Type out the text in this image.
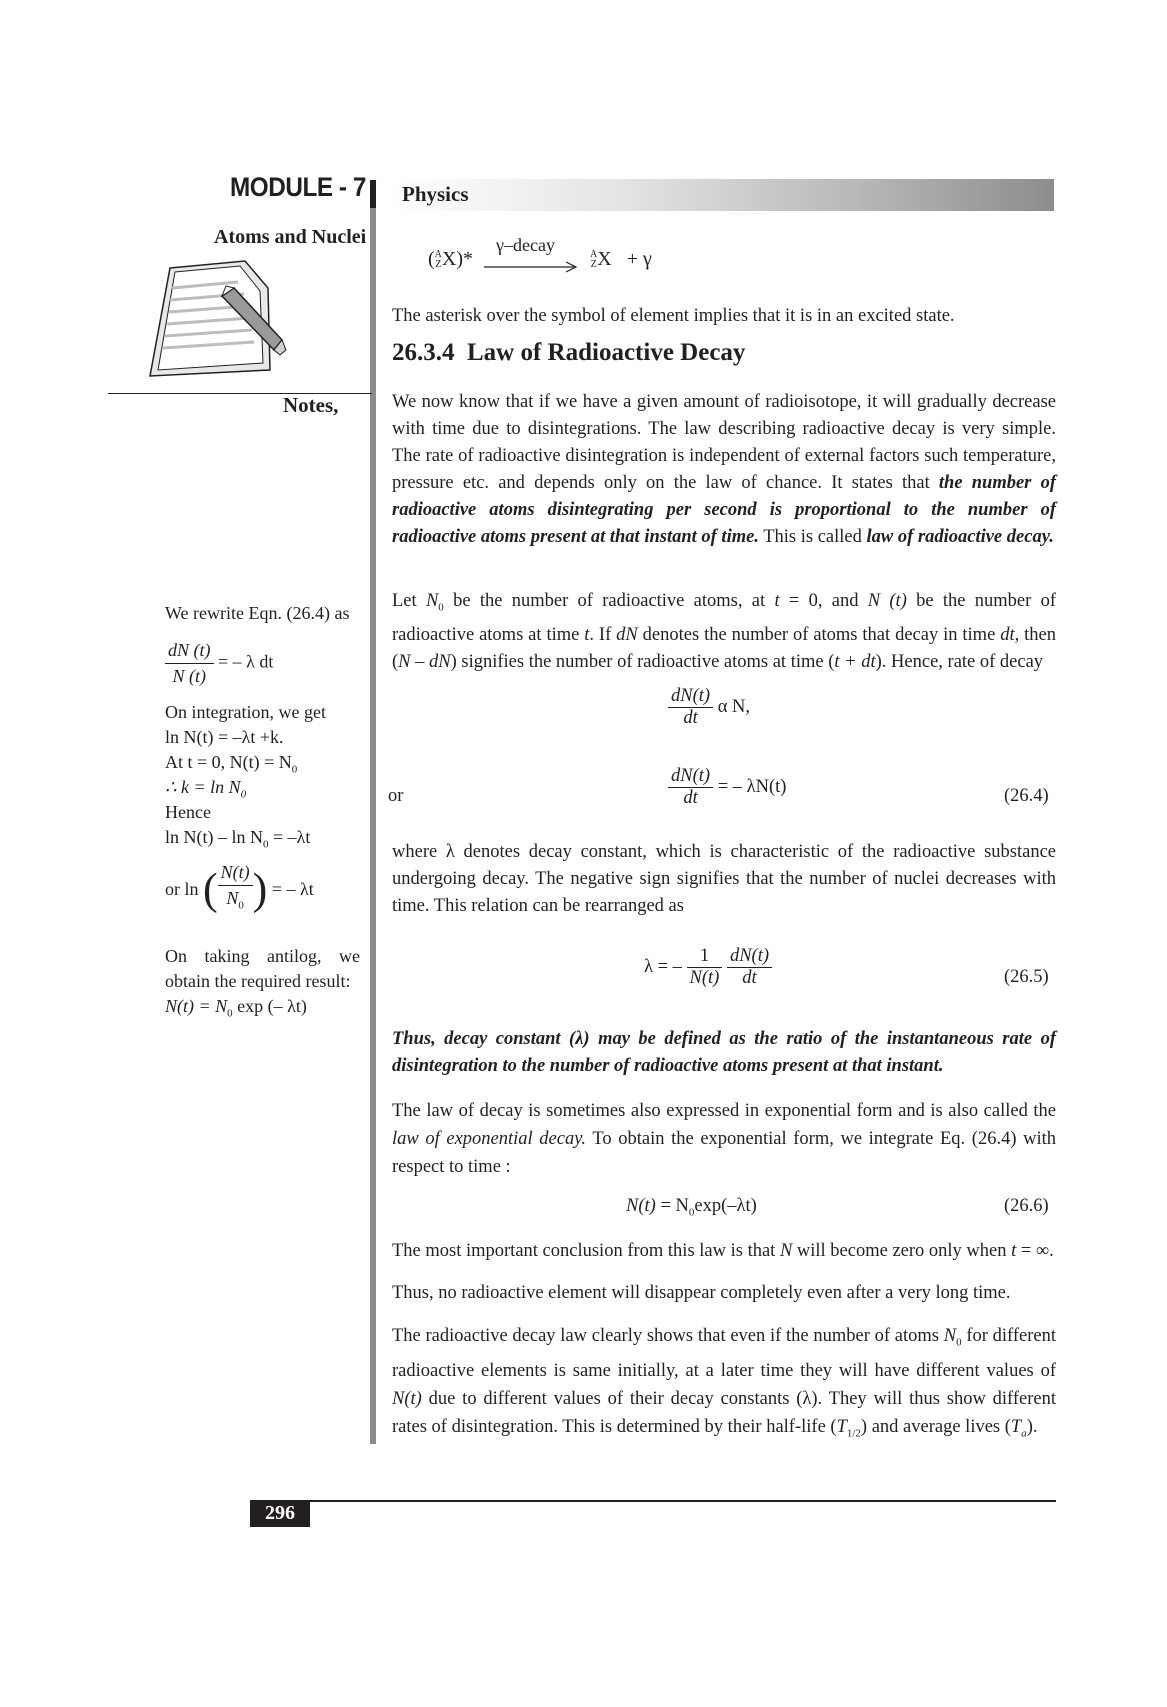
MODULE - 7 Physics
Atoms and Nuclei
Notes,
( A
Z X)*
γ–decay
	A
Z X + γ
The asterisk over the symbol of element implies that it is in an excited state.
26.3.4 Law of Radioactive Decay
We now know that if we have a given amount of radioisotope, it will gradually decrease with time due to disintegrations. The law describing radioactive decay is very simple. The rate of radioactive disintegration is independent of external factors such temperature, pressure etc. and depends only on the law of chance. It states that the number of radioactive atoms disintegrating per second is proportional to the number of radioactive atoms present at that instant of time. This is called law of radioactive decay.
Let $N_0$ be the number of radioactive atoms, at t = 0, and N (t) be the number of radioactive atoms at time t. If dN denotes the number of atoms that decay in time dt, then (N – dN) signifies the number of radioactive atoms at time (t + dt). Hence, rate of decay
$\frac{dN(t)}{dt}$ α N,
or	$\frac{dN(t)}{dt}$ = – λN(t)	(26.4)
where λ denotes decay constant, which is characteristic of the radioactive substance undergoing decay. The negative sign signifies that the number of nuclei decreases with time. This relation can be rearranged as
λ = – $\frac{1}{N(t)}$
$\frac{dN(t)}{dt}$	(26.5)
Thus, decay constant (λ) may be defined as the ratio of the instantaneous rate of disintegration to the number of radioactive atoms present at that instant.
The law of decay is sometimes also expressed in exponential form and is also called the law of exponential decay. To obtain the exponential form, we integrate Eq. (26.4) with respect to time :
$N(t) = N_0\exp(-\lambda t)$	(26.6)
The most important conclusion from this law is that N will become zero only when t = ∞.
Thus, no radioactive element will disappear completely even after a very long time.
The radioactive decay law clearly shows that even if the number of atoms $N_0$ for different radioactive elements is same initially, at a later time they will have different values of N(t) due to different values of their decay constants (λ). They will thus show different rates of disintegration. This is determined by their half-life $(T_{1/2})$ and average lives $(T_a)$.
We rewrite Eqn. (26.4) as
$\frac{dN (t)}{N (t)}$ = – λ dt
On integration, we get
ln N(t) = –λt +k.
At t = 0, $N(t) = N_0$
∴ $k = \ln N_0$
Hence
$\ln N(t) - \ln N_0 = -\lambda t$
or ln ( $\frac{N(t)}{N_0}$ ) = – λt
On taking antilog, we obtain the required result:
$N(t) = N_0$ exp (– λt)
296
